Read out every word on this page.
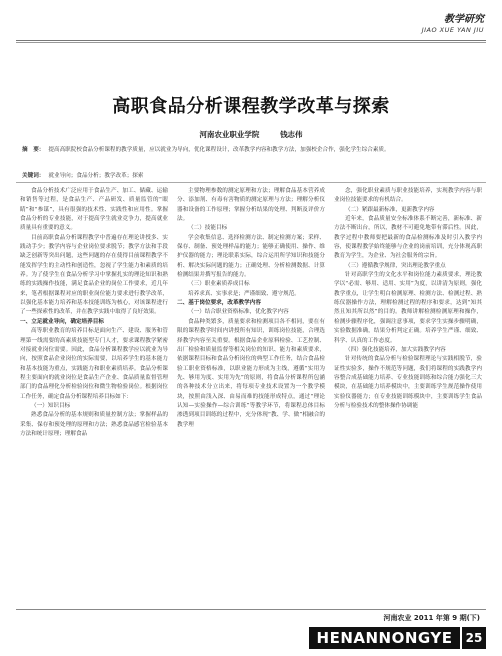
教学研究
JIAO XUE YAN JIU
高职食品分析课程教学改革与探索
河南农业职业学院	钱志伟
摘　要： 提高高职院校食品分析课程的教学质量，应以就业为导向，优化课程设计，改革教学内容和教学方法，加强校企合作，强化学生综合素质。
关键词： 就业导向；食品分析；教学改革；探索

食品分析技术广泛应用于食品生产、加工、储藏、运输和销售等过程，是食品生产、产品研发、质量监管的“眼睛”和“参谋”，具有很强的技术性、实践性和应用性。掌握食品分析的专业技能，对于提高学生就业竞争力，提高就业质量具有重要的意义。

目前高职食品分析课程教学中普遍存在理论讲授多、实践动手少；教学内容与企业岗位要求脱节；教学方法和手段缺乏创新等突出问题，这些问题的存在使得目前课程教学不能发挥学生的主动性和创造性，忽视了学生能力和素质的培养。为了使学生在食品分析学习中掌握扎实的理论知识和熟练的实践操作技能，满足食品企业的岗位工作要求，近几年来，笔者根据课程对应的职业岗位能力要求进行教学改革，以强化基本能力培养和基本技能训练为核心，对该课程进行了一些探索性的改革，并在教学实践中取得了良好效果。

一、立足就业导向，确定培养目标

高等职业教育的培养目标是面向生产、建设、服务和管理第一线需要的高素质技能型专门人才，要求课程教学紧密对接就业岗位需要。因此，食品分析课程教学应以就业为导向，按照食品企业岗位的实际需要，以培养学生的基本能力和基本技能为重点，实践能力和职业素质培养。食品分析课程主要面向的就业岗位是食品生产企业、食品质量监督管理部门的食品理化分析检验岗位和微生物检验岗位。根据岗位工作任务，确定食品分析课程培养目标如下：

（一）知识目标

熟悉食品分析的基本规则和质量控制方法；掌握样品的采集、保存和预处理的原理和方法；熟悉食品感官检验基本方法和统计原理；理解食品

主要物理参数的测定原理和方法；理解食品基本营养成分、添加剂、有毒有害物质的测定原理与方法；理解分析仪器和设备的工作原理；掌握分析结果的处理、判断及评价方法。

（二）技能目标

学会收集信息、选择检测方法、制定检测方案；采样、保存、制备、预处理样品的能力；能够正确使用、操作、维护仪器的能力；理论联系实际，综合运用所学知识和技能分析、解决实际问题的能力；正确处理、分析检测数据、计算检测结果并撰写报告的能力。

（三）职业素质养成目标

培养求真、实事求是；严谨细致、遵守规范。

二、基于岗位要求，改革教学内容

（一）结合职业资格标准，优化教学内容

食品种类繁多，质量要求和检测项目各不相同，要在有限的课程教学时间内讲授所有知识，训练岗位技能，合理选择教学内容至关重要。根据食品企业原料检验、工艺控制、出厂检验和质量监督等相关岗位的知识、能力和素质要求，依据课程目标和食品分析岗位的典型工作任务，结合食品检验工职业资格标准，以职业能力形成为主线，遵循“实用为先、够用为度、实用为先”的原则，将食品分析课程所包涵的各种技术分立出来，将每项专业技术设置为一个教学模块，按照由浅入深、由易而难的技能形成特点，通过“理论认知—实验操作—综合训练”等教学环节，将课程总体目标渗透到项目训练的过程中，充分体现“教、学、做”相融合的教学理

念，强化职业素质与职业技能培养，实现教学内容与职业岗位技能要求的有机结合。

（二）紧跟最新标准，更新教学内容

近年来，食品质量安全标准体系不断完善，新标准、新方法不断出台，所以，教材不可避免地带有滞后性。因此，教学过程中教师要把最新的食品检测标准及时引入教学内容，使课程教学始终能够与企业的岗前培训，充分体现高职教育为学生，为企业、为社会服务的宗旨。

（三）遵循教学规律，突出理论教学重点

针对高职学生的文化水平和岗位能力素质要求，理论教学以“必需、够用、适用、实用”为度，以讲清为原则，强化教学重点，让学生明白检测原理、检测方法、检测过程、熟练仪器操作方法，理解检测过程的程序和要求，达到“知其然且知其所以然”的目的。教师讲解检测检测原理和操作，检测步骤程序化，强调注意事项，要求学生实操步骤明确，实验数据准确，结果分析判定正确。培养学生严谨、细致、科学、认真的工作态度。

（四）强化技能培养，加大实践教学内容

针对传统的食品分析与检验课程理论与实践相脱节，验证性实验多，操作不规范等问题，我们将课程的实践教学内容整合成基础能力培养、专业技能训练和综合能力强化三大模块，在基础能力培养模块中，主要训练学生规范操作使用实验仪器能力；在专业技能训练模块中，主要训练学生食品分析与检验技术的整体操作协调能

河南农业 2011 年第 9 期(下)
HENANNONGYE	25
